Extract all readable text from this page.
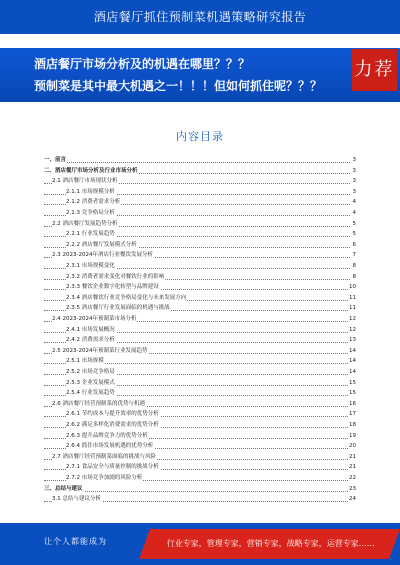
酒店餐厅抓住预制菜机遇策略研究报告
酒店餐厅市场分析及的机遇在哪里？？？
预制菜是其中最大机遇之一！！！但如何抓住呢？？？
力荐
内容目录
一、前言	3
二、酒店餐厅市场分析及行业市场分析	3
2.1 酒店餐厅市场现状分析	3
2.1.1 市场规模分析	3
2.1.2 消费者需求分析	4
2.1.3 竞争格局分析	4
2.2 酒店餐厅发展趋势分析	5
2.2.1 行业发展趋势	5
2.2.2 酒店餐厅发展模式分析	6
2.3 2023-2024年酒店行业餐饮发展分析	7
2.3.1 市场规模变化	8
2.3.2 消费者需求变化对餐饮行业的影响	8
2.3.3 餐饮企业数字化转型与品牌建设	10
2.3.4 酒店餐饮行业竞争格局变化与未来发展方向	11
2.3.5 酒店餐厅行业发展面临的机遇与挑战	11
2.4 2023-2024年预制菜市场分析	12
2.4.1 市场发展概况	12
2.4.2 消费需求分析	13
2.5 2023-2024年预制菜行业发展趋势	14
2.5.1 市场规模	14
2.5.2 市场竞争格局	14
2.5.3 企业发展模式	15
2.5.4 行业发展趋势	15
2.6 酒店餐厅经营预制菜的优势与机遇	16
2.6.1 节约成本与提升效率的优势分析	17
2.6.2 满足多样化消费需求的优势分析	18
2.6.3 提升品牌竞争力的优势分析	19
2.6.4 抓住市场发展机遇的优势分析	20
2.7 酒店餐厅经营预制菜面临的挑战与风险	21
2.7.1 食品安全与质量控制的挑战分析	21
2.7.2 市场竞争加剧的风险分析	22
三、总结与建议	23
3.1 总结与建议分析	24
让个人都能成为	行业专家，管理专家，营销专家，战略专家，运营专家……
